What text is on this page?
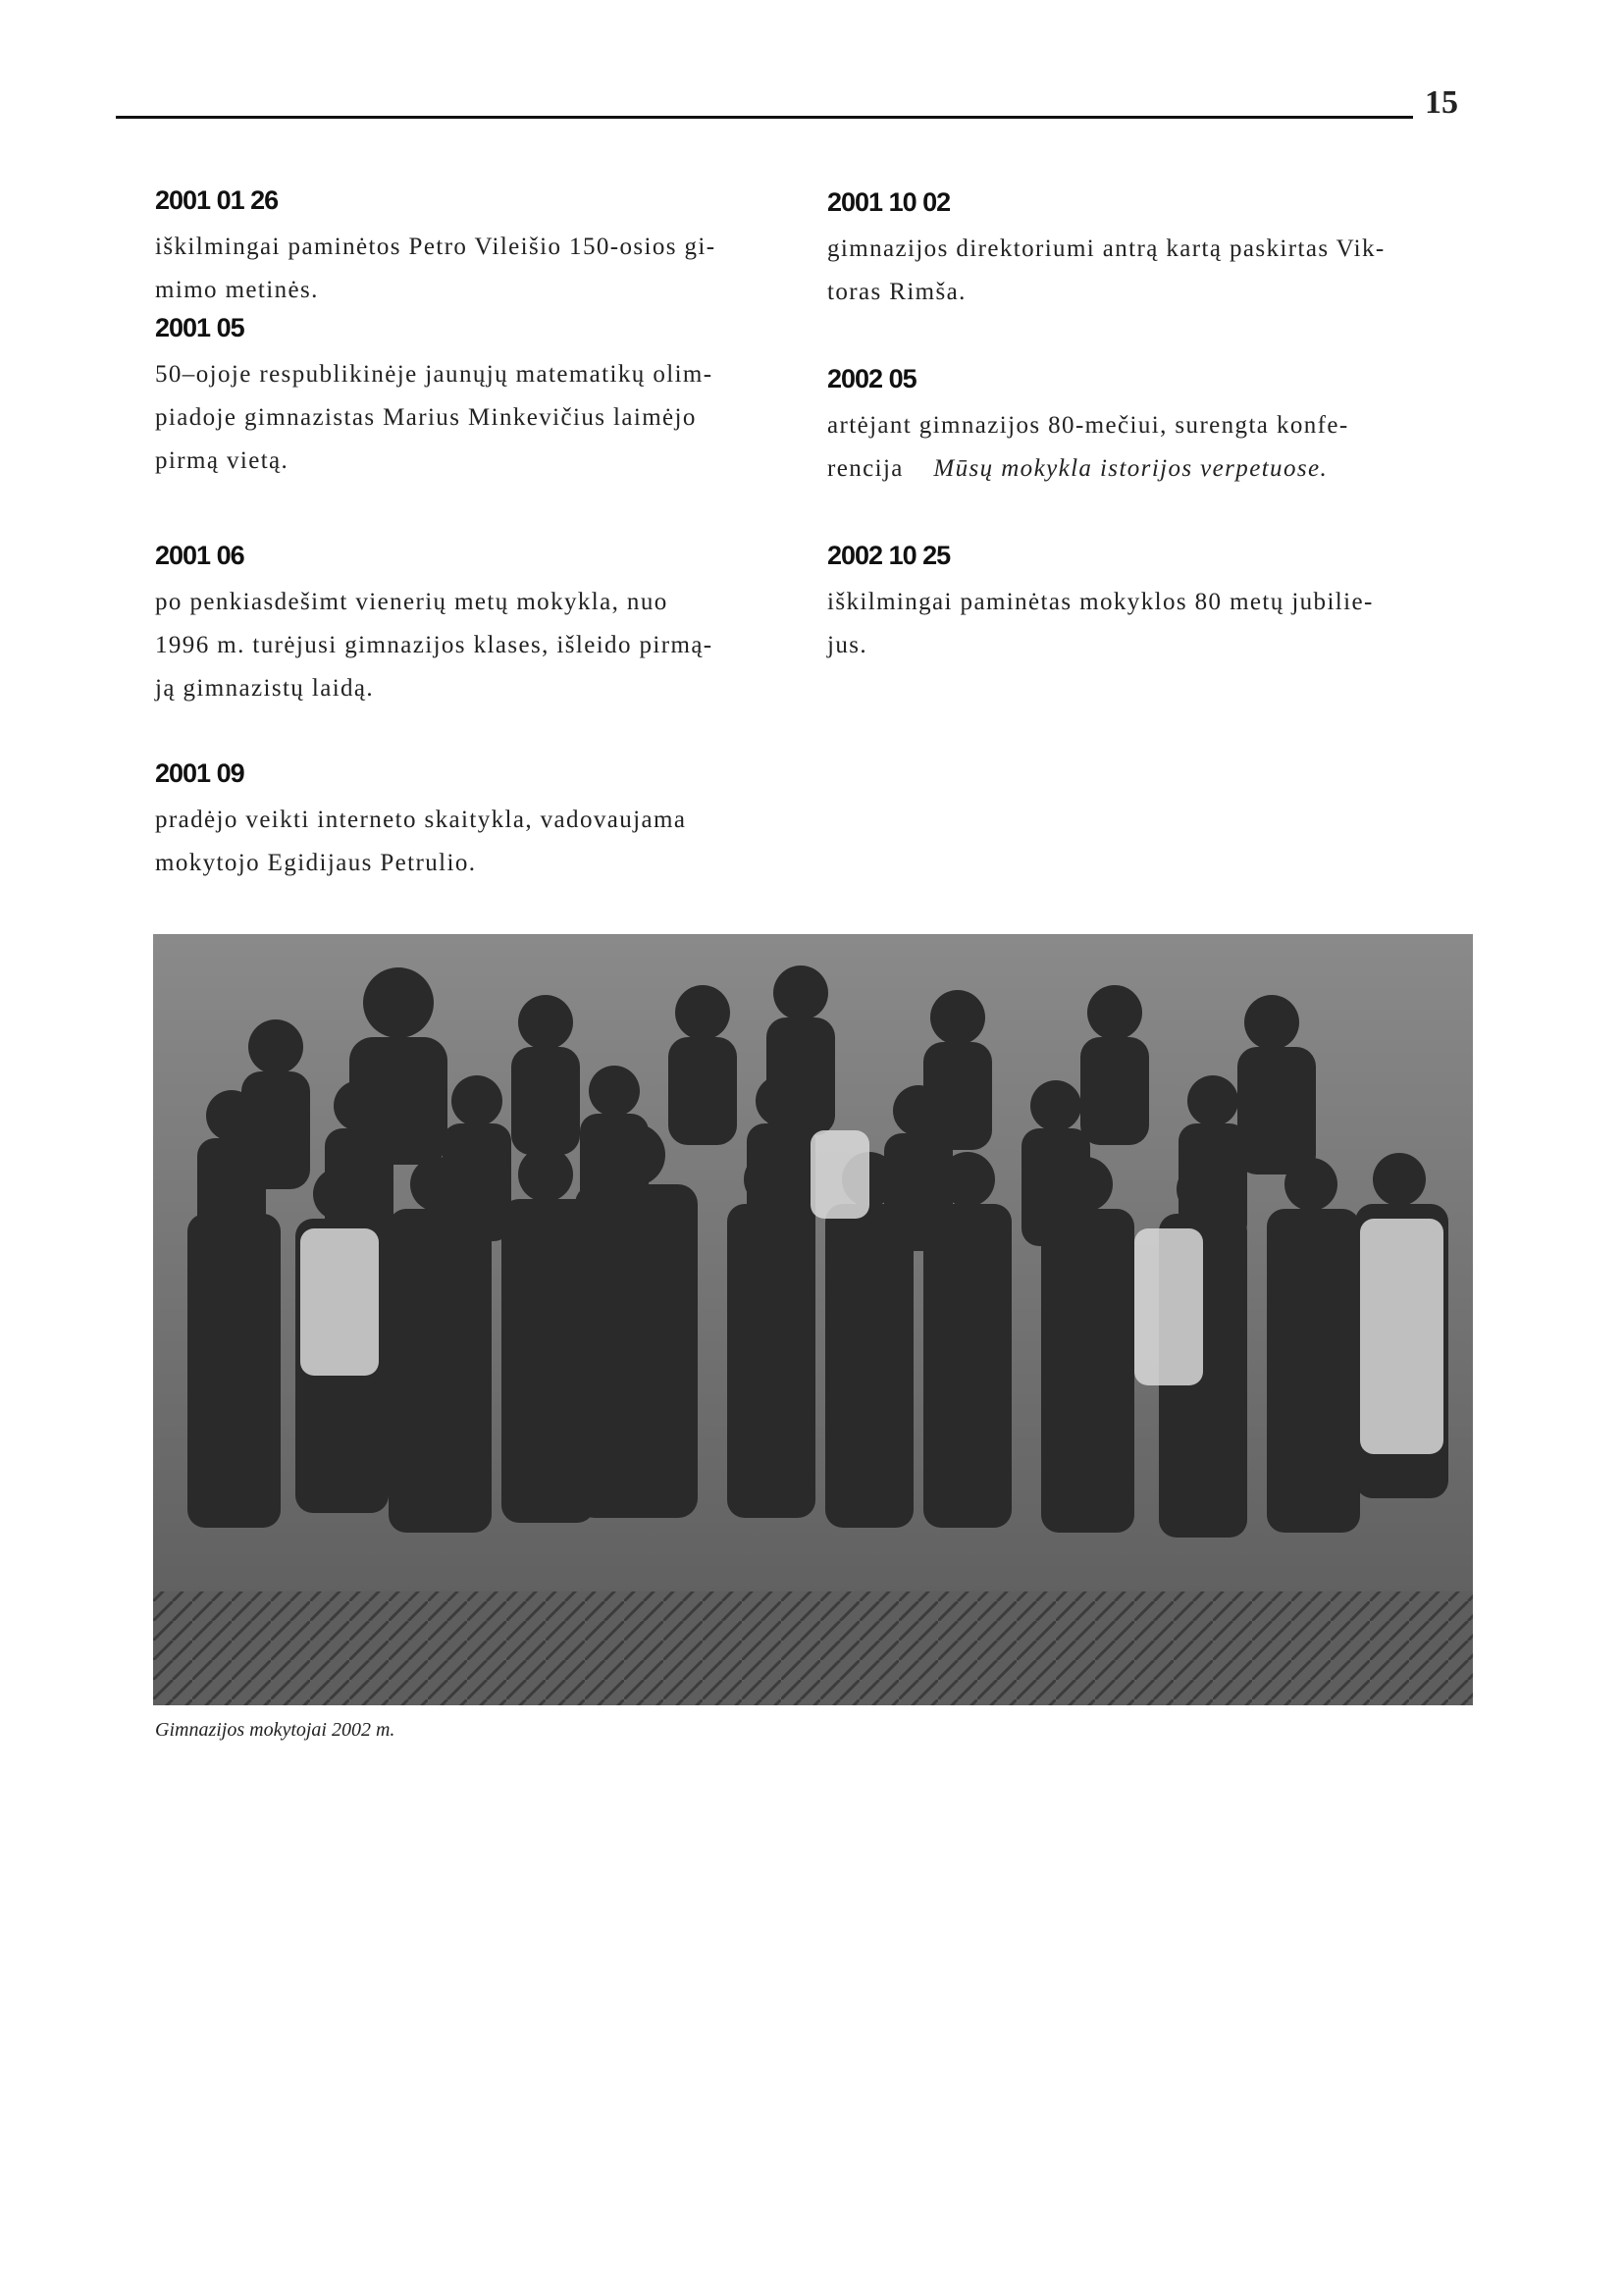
15
2001 01 26

iškilmingai paminėtos Petro Vileišio 150-osios gi-

mimo metinės.

2001 05

50–ojoje respublikinėje jaunųjų matematikų olim-

piadoje gimnazistas Marius Minkevičius laimėjo

pirmą vietą.

2001 06

po penkiasdešimt vienerių metų mokykla, nuo

1996 m. turėjusi gimnazijos klases, išleido pirmą-

ją gimnazistų laidą.

2001 09

pradėjo veikti interneto skaitykla, vadovaujama

mokytojo Egidijaus Petrulio.

2001 10 02

gimnazijos direktoriumi antrą kartą paskirtas Vik-

toras Rimša.

2002 05

artėjant gimnazijos 80-mečiui, surengta konfe-

rencija Mūsų mokykla istorijos verpetuose.

2002 10 25

iškilmingai paminėtas mokyklos 80 metų jubilie-

jus.

Gimnazijos mokytojai 2002 m.
